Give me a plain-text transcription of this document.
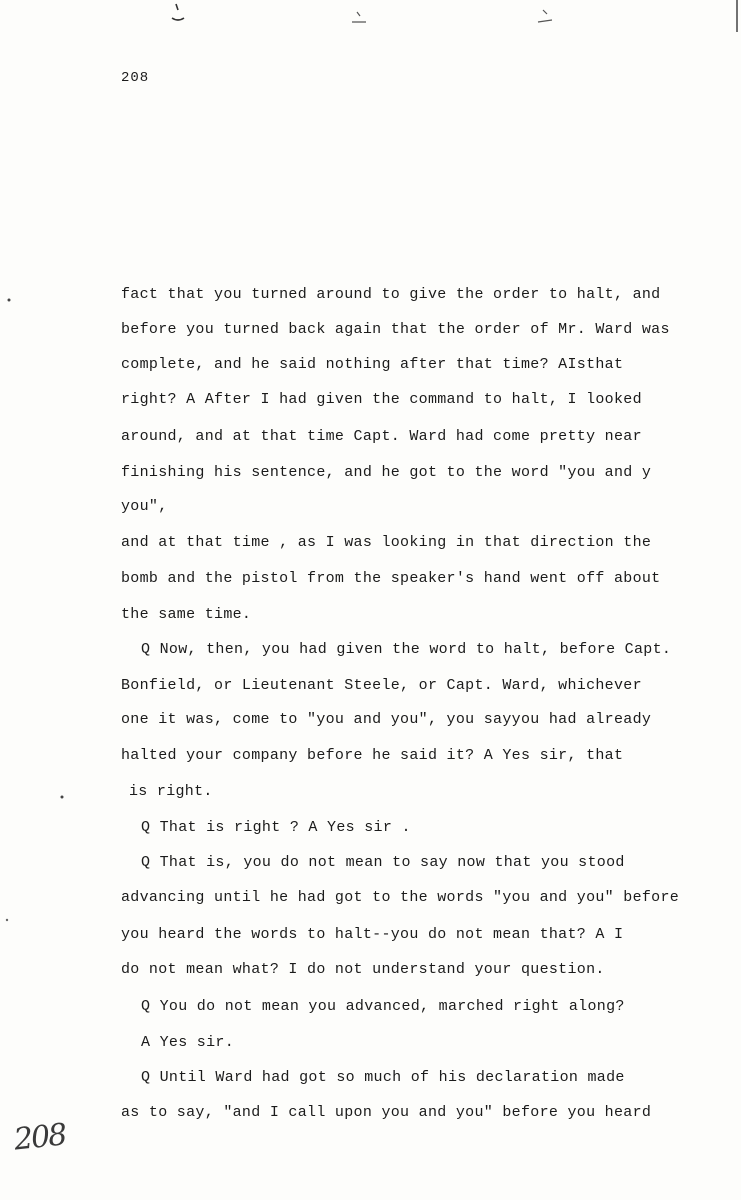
208
fact that you turned around to give the order to halt, and
before you turned back again that the order of Mr. Ward was
complete, and he said nothing after that time? AIsthat
right? A After I had given the command to halt, I looked
around, and at that time Capt. Ward had come pretty near
finishing his sentence, and he got to the word "you and y
you",
and at that time , as I was looking in that direction the
bomb and the pistol from the speaker's hand went off about
the same time.
Q Now, then, you had given the word to halt, before Capt.
Bonfield, or Lieutenant Steele, or Capt. Ward, whichever
one it was, come to "you and you", you sayyou had already
halted your company before he said it? A Yes sir, that
is right.
Q That is right ? A Yes sir .
Q That is, you do not mean to say now that you stood
advancing until he had got to the words "you and you" before
you heard the words to halt--you do not mean that? A I
do not mean what? I do not understand your question.
Q You do not mean you advanced, marched right along?
A Yes sir.
Q Until Ward had got so much of his declaration made
as to say, "and I call upon you and you" before you heard
208
